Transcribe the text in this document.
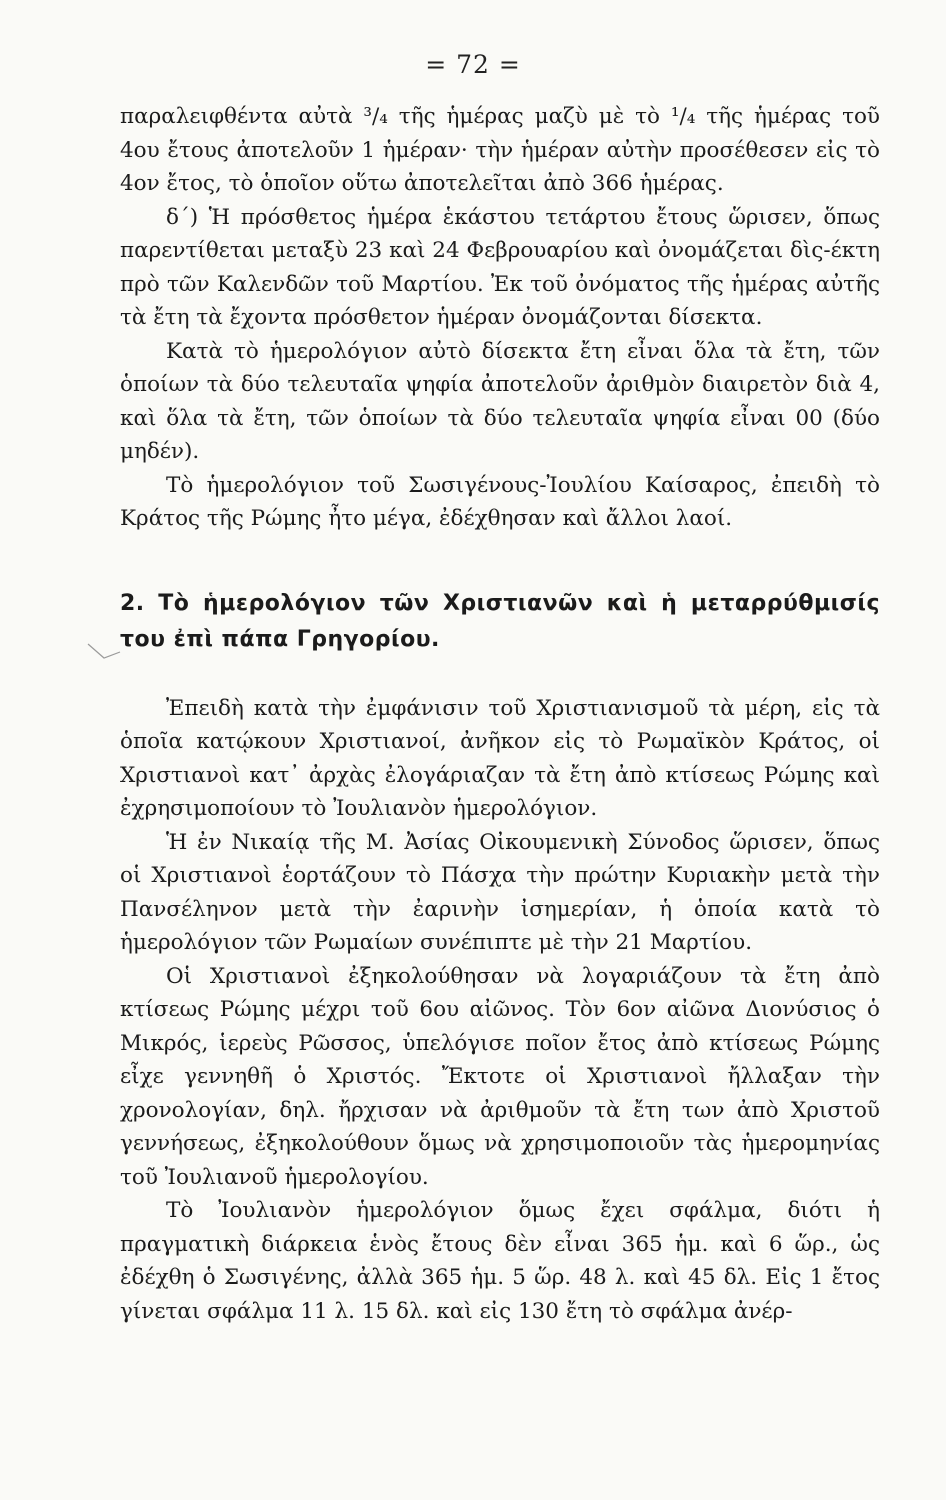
= 72 =

παραλειφθέντα αὐτὰ ³/₄ τῆς ἡμέρας μαζὺ μὲ τὸ ¹/₄ τῆς ἡμέρας τοῦ 4ου ἔτους ἀποτελοῦν 1 ἡμέραν· τὴν ἡμέραν αὐτὴν προσέθεσεν εἰς τὸ 4ον ἔτος, τὸ ὁποῖον οὕτω ἀποτελεῖται ἀπὸ 366 ἡμέρας.

δ΄) Ἡ πρόσθετος ἡμέρα ἑκάστου τετάρτου ἔτους ὥρισεν, ὅπως παρεντίθεται μεταξὺ 23 καὶ 24 Φεβρουαρίου καὶ ὀνομάζεται δὶς-έκτη πρὸ τῶν Καλενδῶν τοῦ Μαρτίου. Ἐκ τοῦ ὀνόματος τῆς ἡμέρας αὐτῆς τὰ ἔτη τὰ ἔχοντα πρόσθετον ἡμέραν ὀνομάζονται δίσεκτα.

Κατὰ τὸ ἡμερολόγιον αὐτὸ δίσεκτα ἔτη εἶναι ὅλα τὰ ἔτη, τῶν ὁποίων τὰ δύο τελευταῖα ψηφία ἀποτελοῦν ἀριθμὸν διαιρετὸν διὰ 4, καὶ ὅλα τὰ ἔτη, τῶν ὁποίων τὰ δύο τελευταῖα ψηφία εἶναι 00 (δύο μηδέν).

Τὸ ἡμερολόγιον τοῦ Σωσιγένους-Ἰουλίου Καίσαρος, ἐπειδὴ τὸ Κράτος τῆς Ρώμης ἦτο μέγα, ἐδέχθησαν καὶ ἄλλοι λαοί.

2. Τὸ ἡμερολόγιον τῶν Χριστιανῶν καὶ ἡ μεταρρύθμισίς του ἐπὶ πάπα Γρηγορίου.

Ἐπειδὴ κατὰ τὴν ἐμφάνισιν τοῦ Χριστιανισμοῦ τὰ μέρη, εἰς τὰ ὁποῖα κατῴκουν Χριστιανοί, ἀνῆκον εἰς τὸ Ρωμαϊκὸν Κράτος, οἱ Χριστιανοὶ κατ᾿ ἀρχὰς ἐλογάριαζαν τὰ ἔτη ἀπὸ κτίσεως Ρώμης καὶ ἐχρησιμοποίουν τὸ Ἰουλιανὸν ἡμερολόγιον.

Ἡ ἐν Νικαίᾳ τῆς Μ. Ἀσίας Οἰκουμενικὴ Σύνοδος ὥρισεν, ὅπως οἱ Χριστιανοὶ ἑορτάζουν τὸ Πάσχα τὴν πρώτην Κυριακὴν μετὰ τὴν Πανσέληνον μετὰ τὴν ἐαρινὴν ἰσημερίαν, ἡ ὁποία κατὰ τὸ ἡμερολόγιον τῶν Ρωμαίων συνέπιπτε μὲ τὴν 21 Μαρτίου.

Οἱ Χριστιανοὶ ἐξηκολούθησαν νὰ λογαριάζουν τὰ ἔτη ἀπὸ κτίσεως Ρώμης μέχρι τοῦ 6ου αἰῶνος. Τὸν 6ον αἰῶνα Διονύσιος ὁ Μικρός, ἱερεὺς Ρῶσσος, ὑπελόγισε ποῖον ἔτος ἀπὸ κτίσεως Ρώμης εἶχε γεννηθῆ ὁ Χριστός. Ἔκτοτε οἱ Χριστιανοὶ ἤλλαξαν τὴν χρονολογίαν, δηλ. ἤρχισαν νὰ ἀριθμοῦν τὰ ἔτη των ἀπὸ Χριστοῦ γεννήσεως, ἐξηκολούθουν ὅμως νὰ χρησιμοποιοῦν τὰς ἡμερομηνίας τοῦ Ἰουλιανοῦ ἡμερολογίου.

Τὸ Ἰουλιανὸν ἡμερολόγιον ὅμως ἔχει σφάλμα, διότι ἡ πραγματικὴ διάρκεια ἑνὸς ἔτους δὲν εἶναι 365 ἡμ. καὶ 6 ὥρ., ὡς ἐδέχθη ὁ Σωσιγένης, ἀλλὰ 365 ἡμ. 5 ὥρ. 48 λ. καὶ 45 δλ. Εἰς 1 ἔτος γίνεται σφάλμα 11 λ. 15 δλ. καὶ εἰς 130 ἔτη τὸ σφάλμα ἀνέρ-
